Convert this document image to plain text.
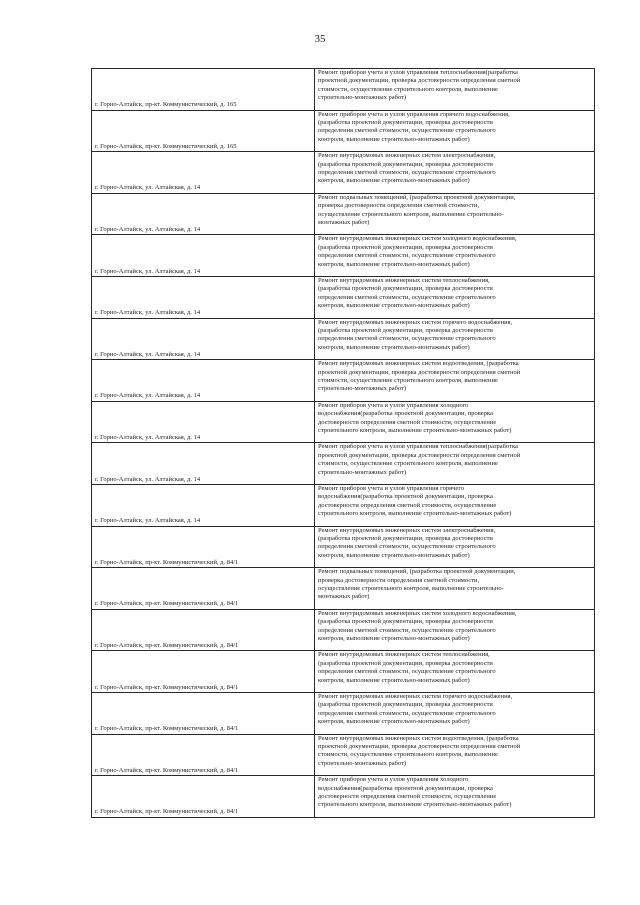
35
г. Горно-Алтайск, пр-кт. Коммунистический, д. 165	Ремонт приборов учета и узлов управления теплоснабжения(разработка
проектной документации, проверка достоверности определения сметной
стоимости, осуществление строительного контроля, выполнение
строительно-монтажных работ)

г. Горно-Алтайск, пр-кт. Коммунистический, д. 165	Ремонт приборов учета и узлов управления горячего водоснабжения,
(разработка проектной документации, проверка достоверности
определения сметной стоимости, осуществление строительного
контроля, выполнение строительно-монтажных работ)

г. Горно-Алтайск, ул. Алтайская, д. 14	Ремонт внутридомовых инженерных систем электроснабжения,
(разработка проектной документации, проверка достоверности
определения сметной стоимости, осуществление строительного
контроля, выполнение строительно-монтажных работ)

г. Горно-Алтайск, ул. Алтайская, д. 14	Ремонт подвальных помещений, (разработка проектной документации,
проверка достоверности определения сметной стоимости,
осуществление строительного контроля, выполнение строительно-
монтажных работ)

г. Горно-Алтайск, ул. Алтайская, д. 14	Ремонт внутридомовых инженерных систем холодного водоснабжения,
(разработка проектной документации, проверка достоверности
определения сметной стоимости, осуществление строительного
контроля, выполнение строительно-монтажных работ)

г. Горно-Алтайск, ул. Алтайская, д. 14	Ремонт внутридомовых инженерных систем теплоснабжения,
(разработка проектной документации, проверка достоверности
определения сметной стоимости, осуществление строительного
контроля, выполнение строительно-монтажных работ)

г. Горно-Алтайск, ул. Алтайская, д. 14	Ремонт внутридомовых инженерных систем горячего водоснабжения,
(разработка проектной документации, проверка достоверности
определения сметной стоимости, осуществление строительного
контроля, выполнение строительно-монтажных работ)

г. Горно-Алтайск, ул. Алтайская, д. 14	Ремонт внутридомовых инженерных систем водоотведения, (разработка
проектной документации, проверка достоверности определения сметной
стоимости, осуществление строительного контроля, выполнение
строительно-монтажных работ)

г. Горно-Алтайск, ул. Алтайская, д. 14	Ремонт приборов учета и узлов управления холодного
водоснабжения(разработка проектной документации, проверка
достоверности определения сметной стоимости, осуществление
строительного контроля, выполнение строительно-монтажных работ)

г. Горно-Алтайск, ул. Алтайская, д. 14	Ремонт приборов учета и узлов управления теплоснабжения(разработка
проектной документации, проверка достоверности определения сметной
стоимости, осуществление строительного контроля, выполнение
строительно-монтажных работ)

г. Горно-Алтайск, ул. Алтайская, д. 14	Ремонт приборов учета и узлов управления горячего
водоснабжения(разработка проектной документации, проверка
достоверности определения сметной стоимости, осуществление
строительного контроля, выполнение строительно-монтажных работ)

г. Горно-Алтайск, пр-кт. Коммунистический, д. 84/1	Ремонт внутридомовых инженерных систем электроснабжения,
(разработка проектной документации, проверка достоверности
определения сметной стоимости, осуществление строительного
контроля, выполнение строительно-монтажных работ)

г. Горно-Алтайск, пр-кт. Коммунистический, д. 84/1	Ремонт подвальных помещений, (разработка проектной документации,
проверка достоверности определения сметной стоимости,
осуществление строительного контроля, выполнение строительно-
монтажных работ)

г. Горно-Алтайск, пр-кт. Коммунистический, д. 84/1	Ремонт внутридомовых инженерных систем холодного водоснабжения,
(разработка проектной документации, проверка достоверности
определения сметной стоимости, осуществление строительного
контроля, выполнение строительно-монтажных работ)

г. Горно-Алтайск, пр-кт. Коммунистический, д. 84/1	Ремонт внутридомовых инженерных систем теплоснабжения,
(разработка проектной документации, проверка достоверности
определения сметной стоимости, осуществление строительного
контроля, выполнение строительно-монтажных работ)

г. Горно-Алтайск, пр-кт. Коммунистический, д. 84/1	Ремонт внутридомовых инженерных систем горячего водоснабжения,
(разработка проектной документации, проверка достоверности
определения сметной стоимости, осуществление строительного
контроля, выполнение строительно-монтажных работ)

г. Горно-Алтайск, пр-кт. Коммунистический, д. 84/1	Ремонт внутридомовых инженерных систем водоотведения, (разработка
проектной документации, проверка достоверности определения сметной
стоимости, осуществление строительного контроля, выполнение
строительно-монтажных работ)

г. Горно-Алтайск, пр-кт. Коммунистический, д. 84/1	Ремонт приборов учета и узлов управления холодного
водоснабжения(разработка проектной документации, проверка
достоверности определения сметной стоимости, осуществление
строительного контроля, выполнение строительно-монтажных работ)
